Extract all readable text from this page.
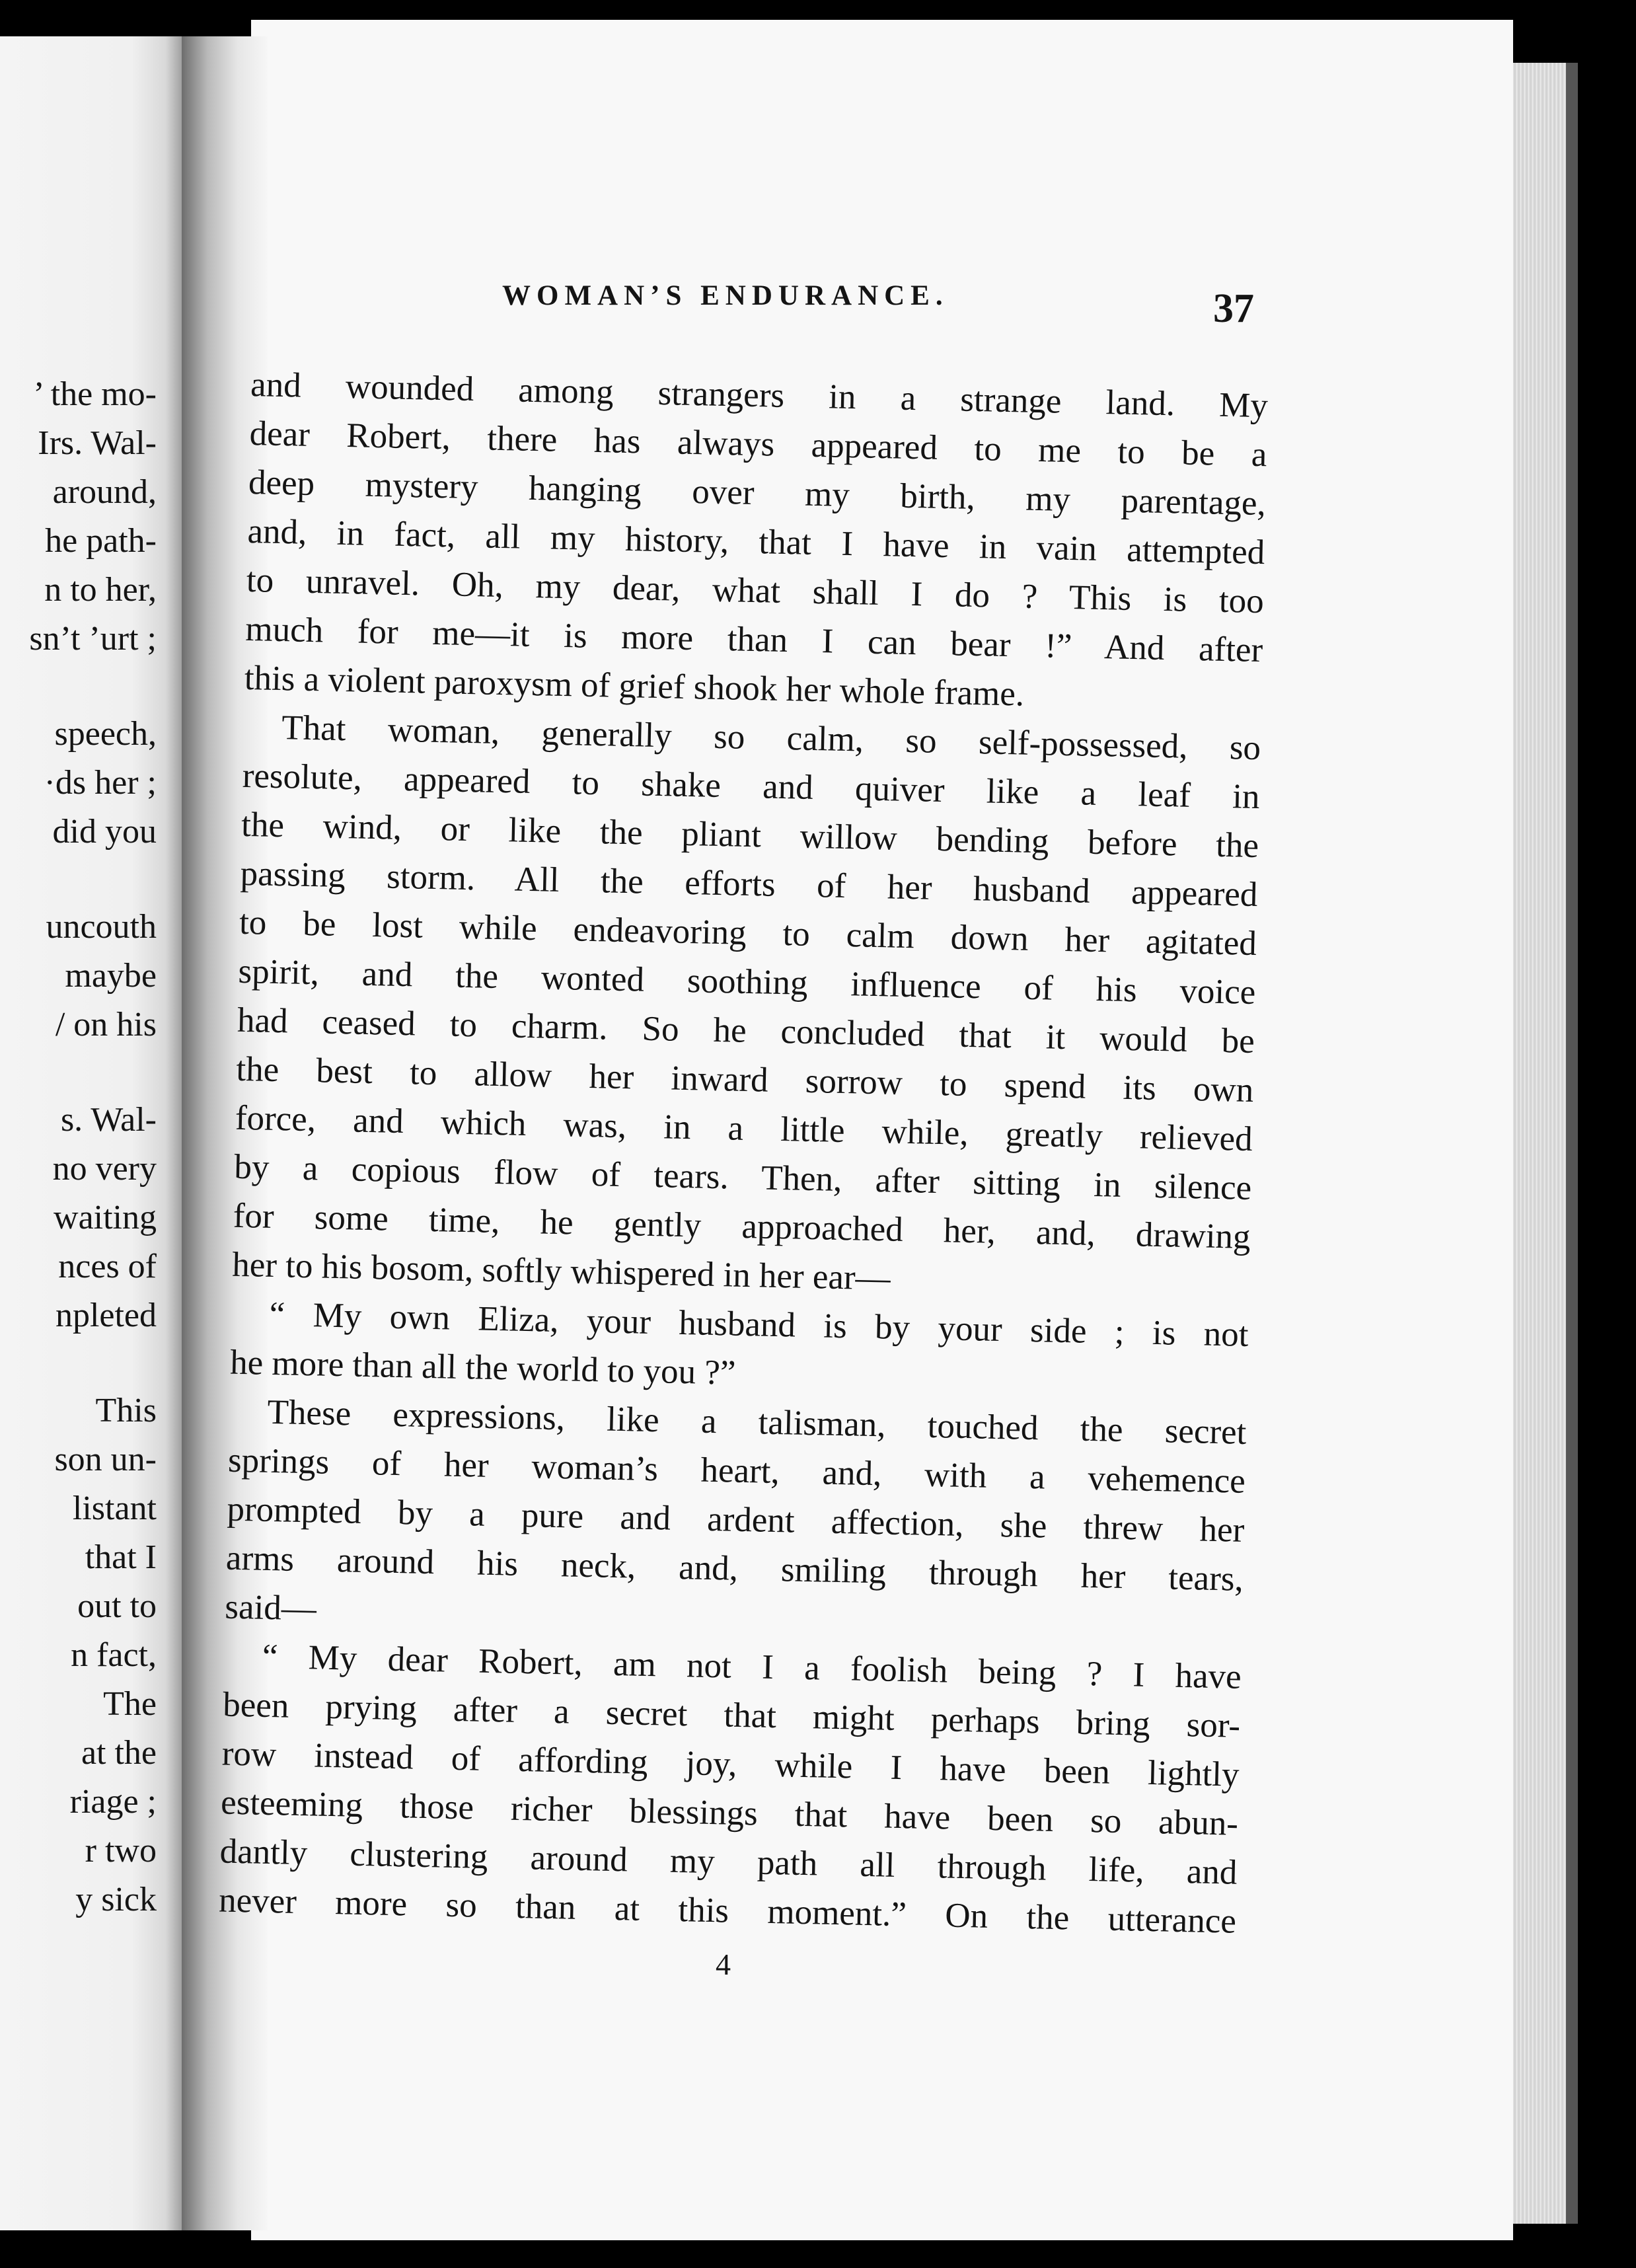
’ the mo-
Irs. Wal-
around,
he path-
n to her,
sn’t ’urt ;
speech,
·ds her ;
did you
uncouth
maybe
/ on his
s. Wal-
no very
waiting
nces of
npleted
This
son un-
listant
that I
out to
n fact,
The
at the
riage ;
r two
y sick
WOMAN’S ENDURANCE.	37
and wounded among strangers in a strange land. My
dear Robert, there has always appeared to me to be a
deep mystery hanging over my birth, my parentage,
and, in fact, all my history, that I have in vain attempted
to unravel. Oh, my dear, what shall I do ? This is too
much for me—it is more than I can bear !” And after
this a violent paroxysm of grief shook her whole frame.
That woman, generally so calm, so self-possessed, so
resolute, appeared to shake and quiver like a leaf in
the wind, or like the pliant willow bending before the
passing storm. All the efforts of her husband appeared
to be lost while endeavoring to calm down her agitated
spirit, and the wonted soothing influence of his voice
had ceased to charm. So he concluded that it would be
the best to allow her inward sorrow to spend its own
force, and which was, in a little while, greatly relieved
by a copious flow of tears. Then, after sitting in silence
for some time, he gently approached her, and, drawing
her to his bosom, softly whispered in her ear—
“ My own Eliza, your husband is by your side ; is not
he more than all the world to you ?”
These expressions, like a talisman, touched the secret
springs of her woman’s heart, and, with a vehemence
prompted by a pure and ardent affection, she threw her
arms around his neck, and, smiling through her tears,
said—
“ My dear Robert, am not I a foolish being ? I have
been prying after a secret that might perhaps bring sor-
row instead of affording joy, while I have been lightly
esteeming those richer blessings that have been so abun-
dantly clustering around my path all through life, and
never more so than at this moment.” On the utterance
4
